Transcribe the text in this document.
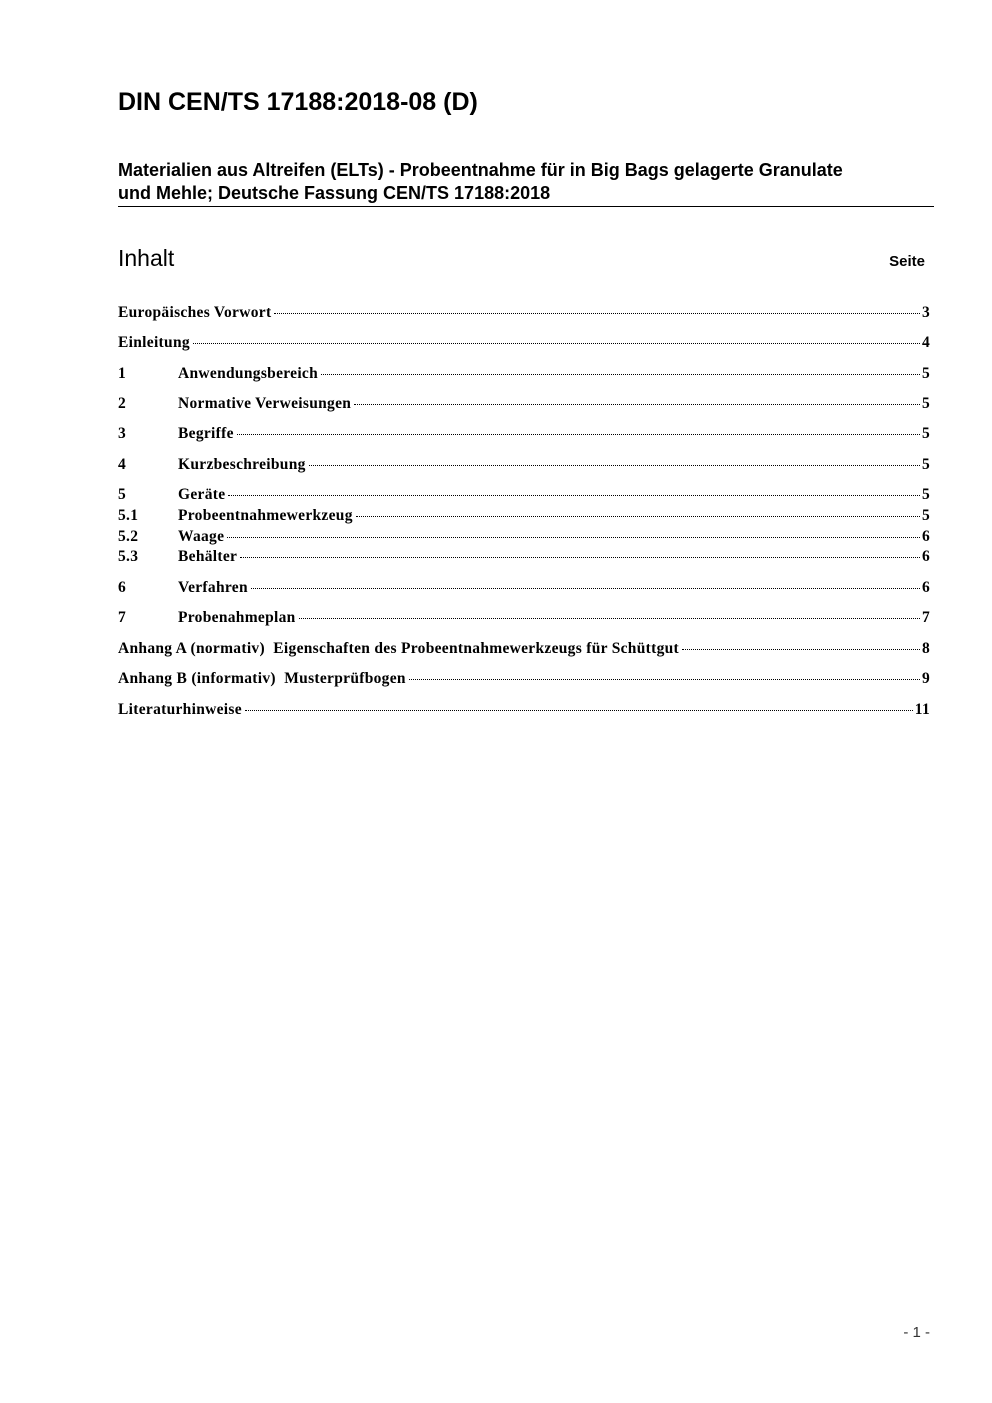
DIN CEN/TS 17188:2018-08 (D)
Materialien aus Altreifen (ELTs) - Probeentnahme für in Big Bags gelagerte Granulate
und Mehle; Deutsche Fassung CEN/TS 17188:2018
Inhalt	Seite
Europäisches Vorwort	3
Einleitung	4
1	Anwendungsbereich	5
2	Normative Verweisungen	5
3	Begriffe	5
4	Kurzbeschreibung	5
5	Geräte	5
5.1	Probeentnahmewerkzeug	5
5.2	Waage	6
5.3	Behälter	6
6	Verfahren	6
7	Probenahmeplan	7
Anhang A (normativ)  Eigenschaften des Probeentnahmewerkzeugs für Schüttgut	8
Anhang B (informativ)  Musterprüfbogen	9
Literaturhinweise	11
- 1 -
